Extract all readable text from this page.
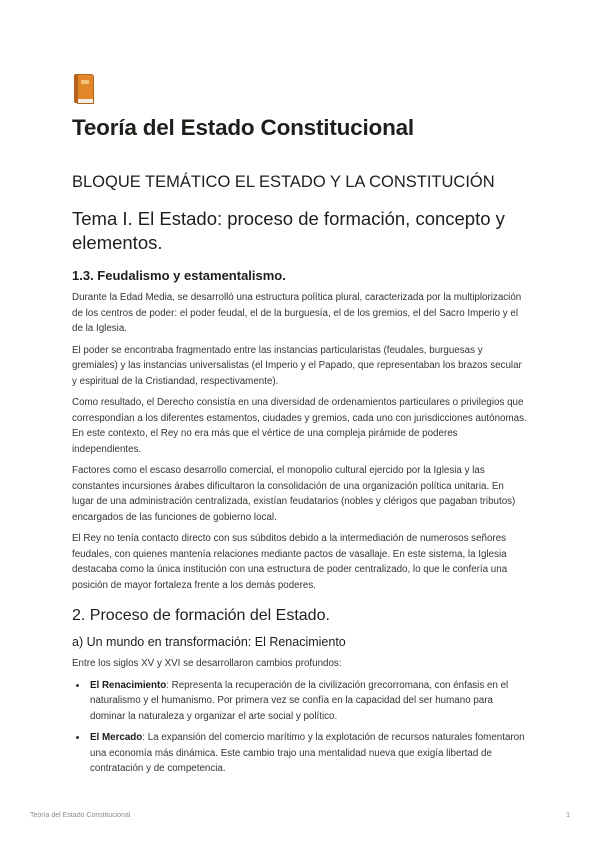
Teoría del Estado Constitucional
BLOQUE TEMÁTICO EL ESTADO Y LA CONSTITUCIÓN
Tema I. El Estado: proceso de formación, concepto y elementos.
1.3. Feudalismo y estamentalismo.

Durante la Edad Media, se desarrolló una estructura política plural, caracterizada por la multiplorización de los centros de poder: el poder feudal, el de la burguesía, el de los gremios, el del Sacro Imperio y el de la Iglesia.

El poder se encontraba fragmentado entre las instancias particularistas (feudales, burguesas y gremiales) y las instancias universalistas (el Imperio y el Papado, que representaban los brazos secular y espiritual de la Cristiandad, respectivamente).

Como resultado, el Derecho consistía en una diversidad de ordenamientos particulares o privilegios que correspondían a los diferentes estamentos, ciudades y gremios, cada uno con jurisdicciones autónomas. En este contexto, el Rey no era más que el vértice de una compleja pirámide de poderes independientes.

Factores como el escaso desarrollo comercial, el monopolio cultural ejercido por la Iglesia y las constantes incursiones árabes dificultaron la consolidación de una organización política unitaria. En lugar de una administración centralizada, existían feudatarios (nobles y clérigos que pagaban tributos) encargados de las funciones de gobierno local.

El Rey no tenía contacto directo con sus súbditos debido a la intermediación de numerosos señores feudales, con quienes mantenía relaciones mediante pactos de vasallaje. En este sistema, la Iglesia destacaba como la única institución con una estructura de poder centralizado, lo que le confería una posición de mayor fortaleza frente a los demás poderes.

2. Proceso de formación del Estado.
a) Un mundo en transformación: El Renacimiento

Entre los siglos XV y XVI se desarrollaron cambios profundos:

• El Renacimiento: Representa la recuperación de la civilización grecorromana, con énfasis en el naturalismo y el humanismo. Por primera vez se confía en la capacidad del ser humano para dominar la naturaleza y organizar el arte social y político.
• El Mercado: La expansión del comercio marítimo y la explotación de recursos naturales fomentaron una economía más dinámica. Este cambio trajo una mentalidad nueva que exigía libertad de contratación y de competencia.
Teoría del Estado Constitucional	1
